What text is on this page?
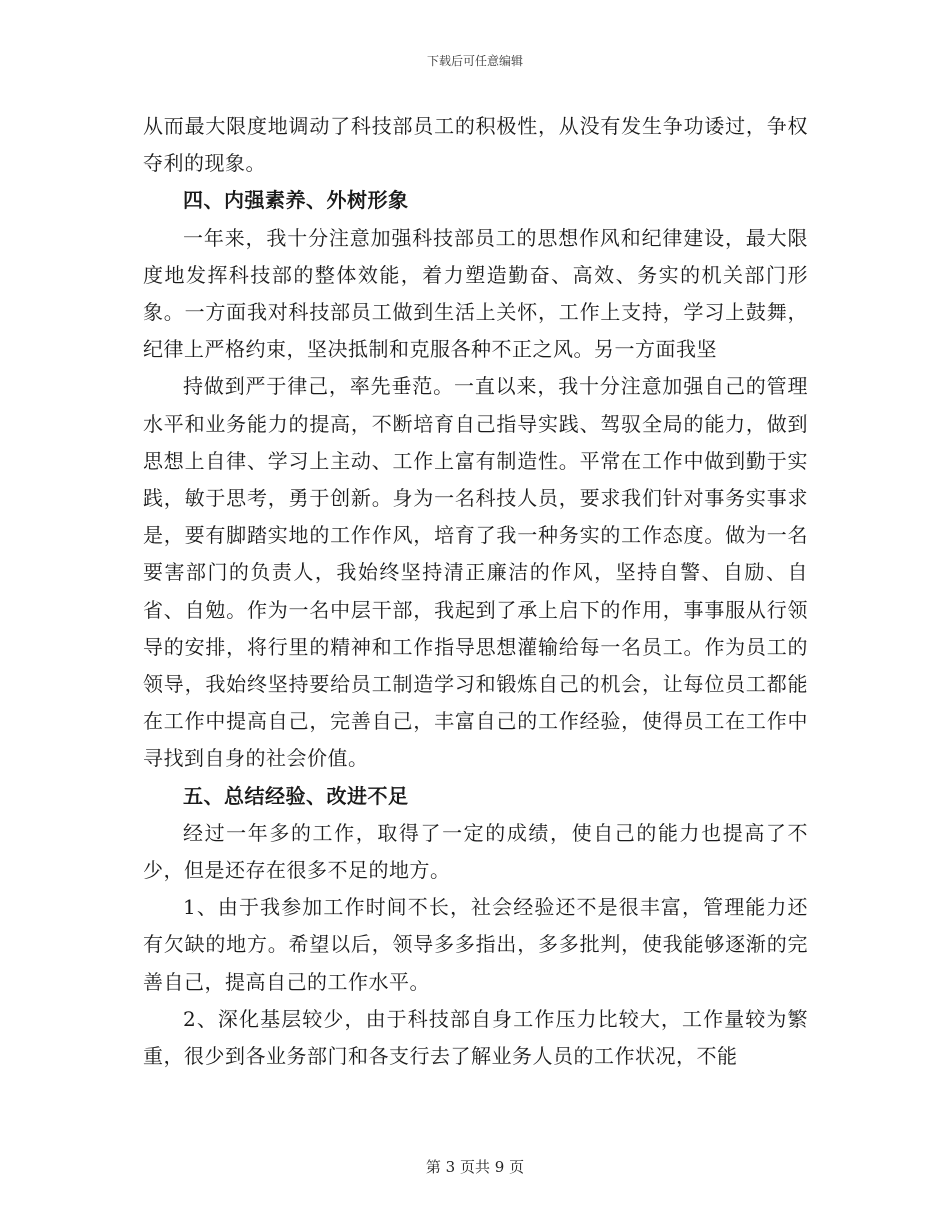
下载后可任意编辑

从而最大限度地调动了科技部员工的积极性，从没有发生争功诿过，争权夺利的现象。

四、内强素养、外树形象

一年来，我十分注意加强科技部员工的思想作风和纪律建设，最大限度地发挥科技部的整体效能，着力塑造勤奋、高效、务实的机关部门形象。一方面我对科技部员工做到生活上关怀，工作上支持，学习上鼓舞，纪律上严格约束，坚决抵制和克服各种不正之风。另一方面我坚

持做到严于律己，率先垂范。一直以来，我十分注意加强自己的管理水平和业务能力的提高，不断培育自己指导实践、驾驭全局的能力，做到思想上自律、学习上主动、工作上富有制造性。平常在工作中做到勤于实践，敏于思考，勇于创新。身为一名科技人员，要求我们针对事务实事求是，要有脚踏实地的工作作风，培育了我一种务实的工作态度。做为一名要害部门的负责人，我始终坚持清正廉洁的作风，坚持自警、自励、自省、自勉。作为一名中层干部，我起到了承上启下的作用，事事服从行领导的安排，将行里的精神和工作指导思想灌输给每一名员工。作为员工的领导，我始终坚持要给员工制造学习和锻炼自己的机会，让每位员工都能在工作中提高自己，完善自己，丰富自己的工作经验，使得员工在工作中寻找到自身的社会价值。

五、总结经验、改进不足

经过一年多的工作，取得了一定的成绩，使自己的能力也提高了不少，但是还存在很多不足的地方。

1、由于我参加工作时间不长，社会经验还不是很丰富，管理能力还有欠缺的地方。希望以后，领导多多指出，多多批判，使我能够逐渐的完善自己，提高自己的工作水平。

2、深化基层较少，由于科技部自身工作压力比较大，工作量较为繁重，很少到各业务部门和各支行去了解业务人员的工作状况，不能

第 3 页共 9 页
